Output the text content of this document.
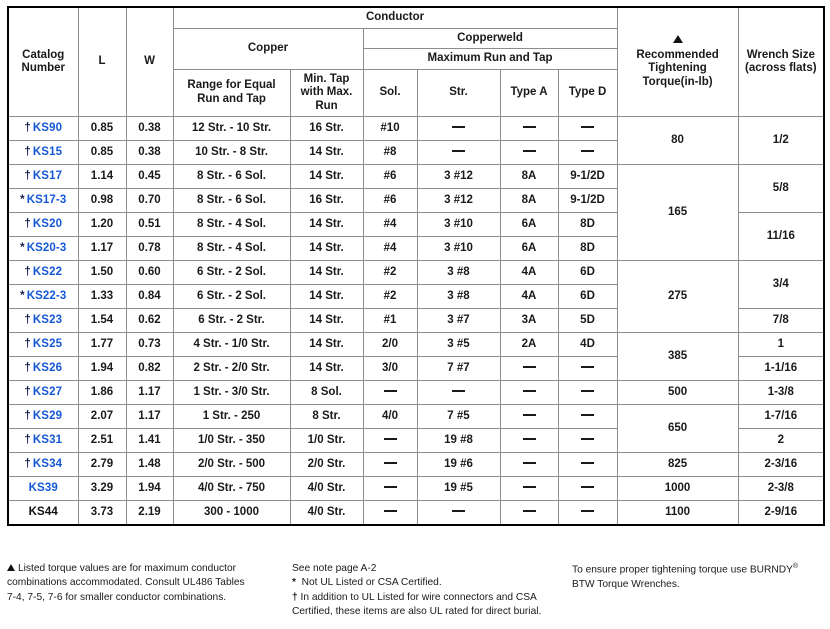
Catalog Number	L	W	Conductor						Recommended
Tightening
Torque(in-lb)	Wrench Size
(across flats)
			Copper		Copperweld					
					Maximum Run and Tap					
			Range for Equal Run and Tap	Min. Tap with Max. Run	Sol.	Str.	Type A	Type D		
† KS90	0.85	0.38	12 Str. - 10 Str.	16 Str.	#10				80	1/2
† KS15	0.85	0.38	10 Str. - 8 Str.	14 Str.	#8					
† KS17	1.14	0.45	8 Str. - 6 Sol.	14 Str.	#6	3 #12	8A	9-1/2D	165	5/8
* KS17-3	0.98	0.70	8 Str. - 6 Sol.	16 Str.	#6	3 #12	8A	9-1/2D		
† KS20	1.20	0.51	8 Str. - 4 Sol.	14 Str.	#4	3 #10	6A	8D		11/16
* KS20-3	1.17	0.78	8 Str. - 4 Sol.	14 Str.	#4	3 #10	6A	8D		
† KS22	1.50	0.60	6 Str. - 2 Sol.	14 Str.	#2	3 #8	4A	6D	275	3/4
* KS22-3	1.33	0.84	6 Str. - 2 Sol.	14 Str.	#2	3 #8	4A	6D		
† KS23	1.54	0.62	6 Str. - 2 Str.	14 Str.	#1	3 #7	3A	5D		7/8
† KS25	1.77	0.73	4 Str. - 1/0 Str.	14 Str.	2/0	3 #5	2A	4D	385	1
† KS26	1.94	0.82	2 Str. - 2/0 Str.	14 Str.	3/0	7 #7				1-1/16
† KS27	1.86	1.17	1 Str. - 3/0 Str.	8 Sol.					500	1-3/8
† KS29	2.07	1.17	1 Str. - 250	8 Str.	4/0	7 #5			650	1-7/16
† KS31	2.51	1.41	1/0 Str. - 350	1/0 Str.		19 #8				2
† KS34	2.79	1.48	2/0 Str. - 500	2/0 Str.		19 #6			825	2-3/16
KS39	3.29	1.94	4/0 Str. - 750	4/0 Str.		19 #5			1000	2-3/8
KS44	3.73	2.19	300 - 1000	4/0 Str.					1100	2-9/16
Listed torque values are for maximum conductor
combinations accommodated. Consult UL486 Tables
7-4, 7-5, 7-6 for smaller conductor combinations.
See note page A-2
* Not UL Listed or CSA Certified.
† In addition to UL Listed for wire connectors and CSA
Certified, these items are also UL rated for direct burial.
To ensure proper tightening torque use BURNDY®
BTW Torque Wrenches.
